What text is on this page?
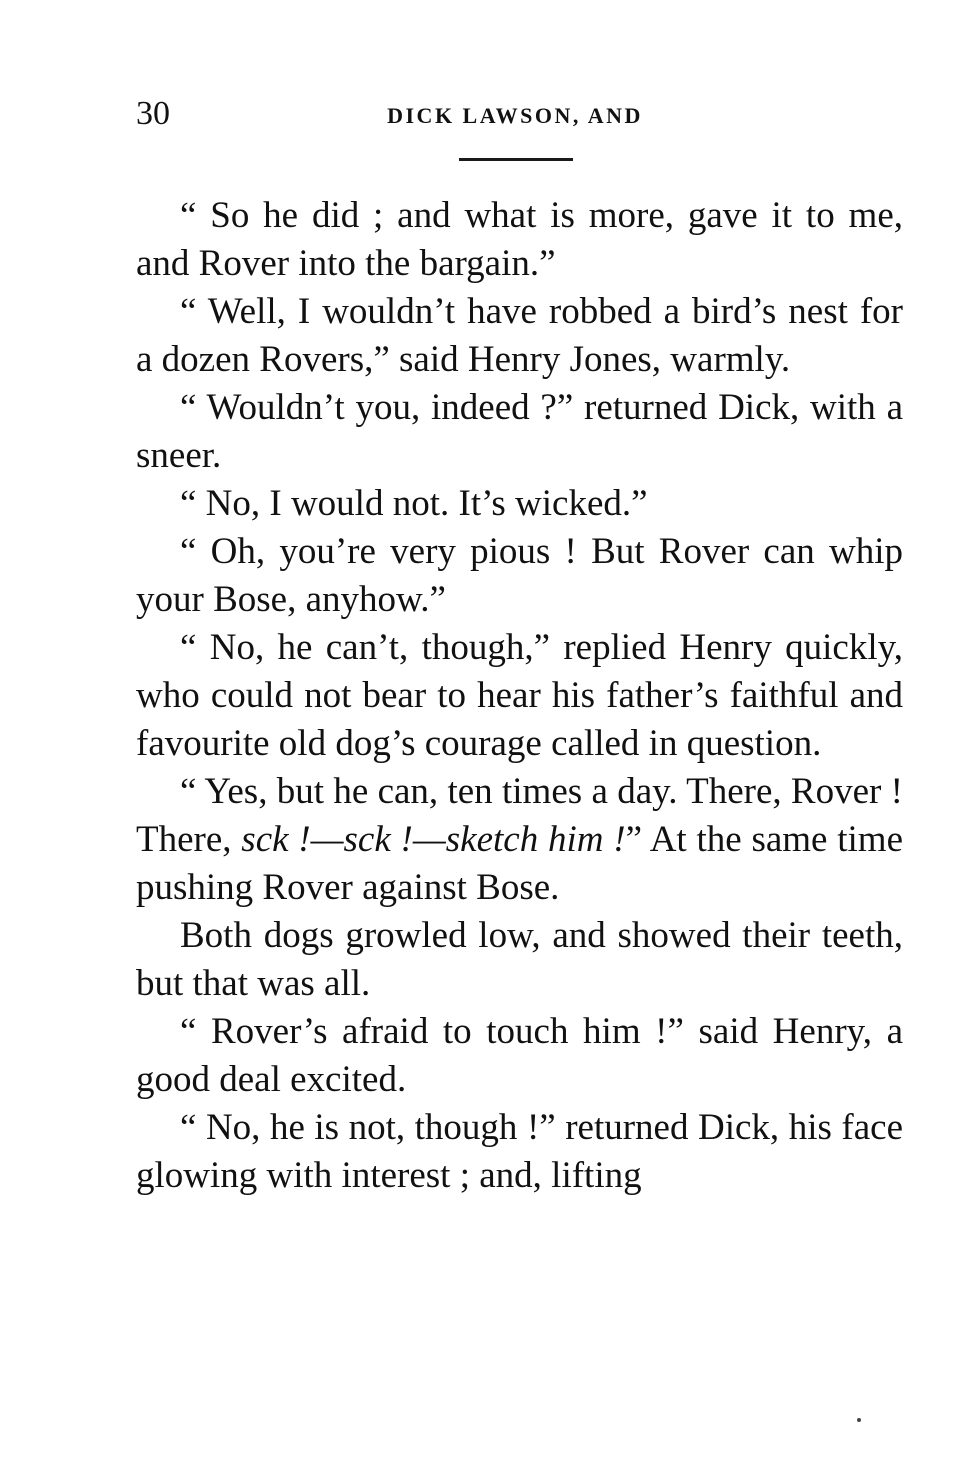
30	DICK LAWSON, AND

“ So he did ; and what is more, gave it to me, and Rover into the bargain.”

“ Well, I wouldn’t have robbed a bird’s nest for a dozen Rovers,” said Henry Jones, warmly.

“ Wouldn’t you, indeed ?” returned Dick, with a sneer.

“ No, I would not. It’s wicked.”

“ Oh, you’re very pious ! But Rover can whip your Bose, anyhow.”

“ No, he can’t, though,” replied Henry quickly, who could not bear to hear his father’s faithful and favourite old dog’s courage called in question.

“ Yes, but he can, ten times a day. There, Rover ! There, sck !—sck !—sketch him !” At the same time pushing Rover against Bose.

Both dogs growled low, and showed their teeth, but that was all.

“ Rover’s afraid to touch him !” said Henry, a good deal excited.

“ No, he is not, though !” returned Dick, his face glowing with interest ; and, lifting
